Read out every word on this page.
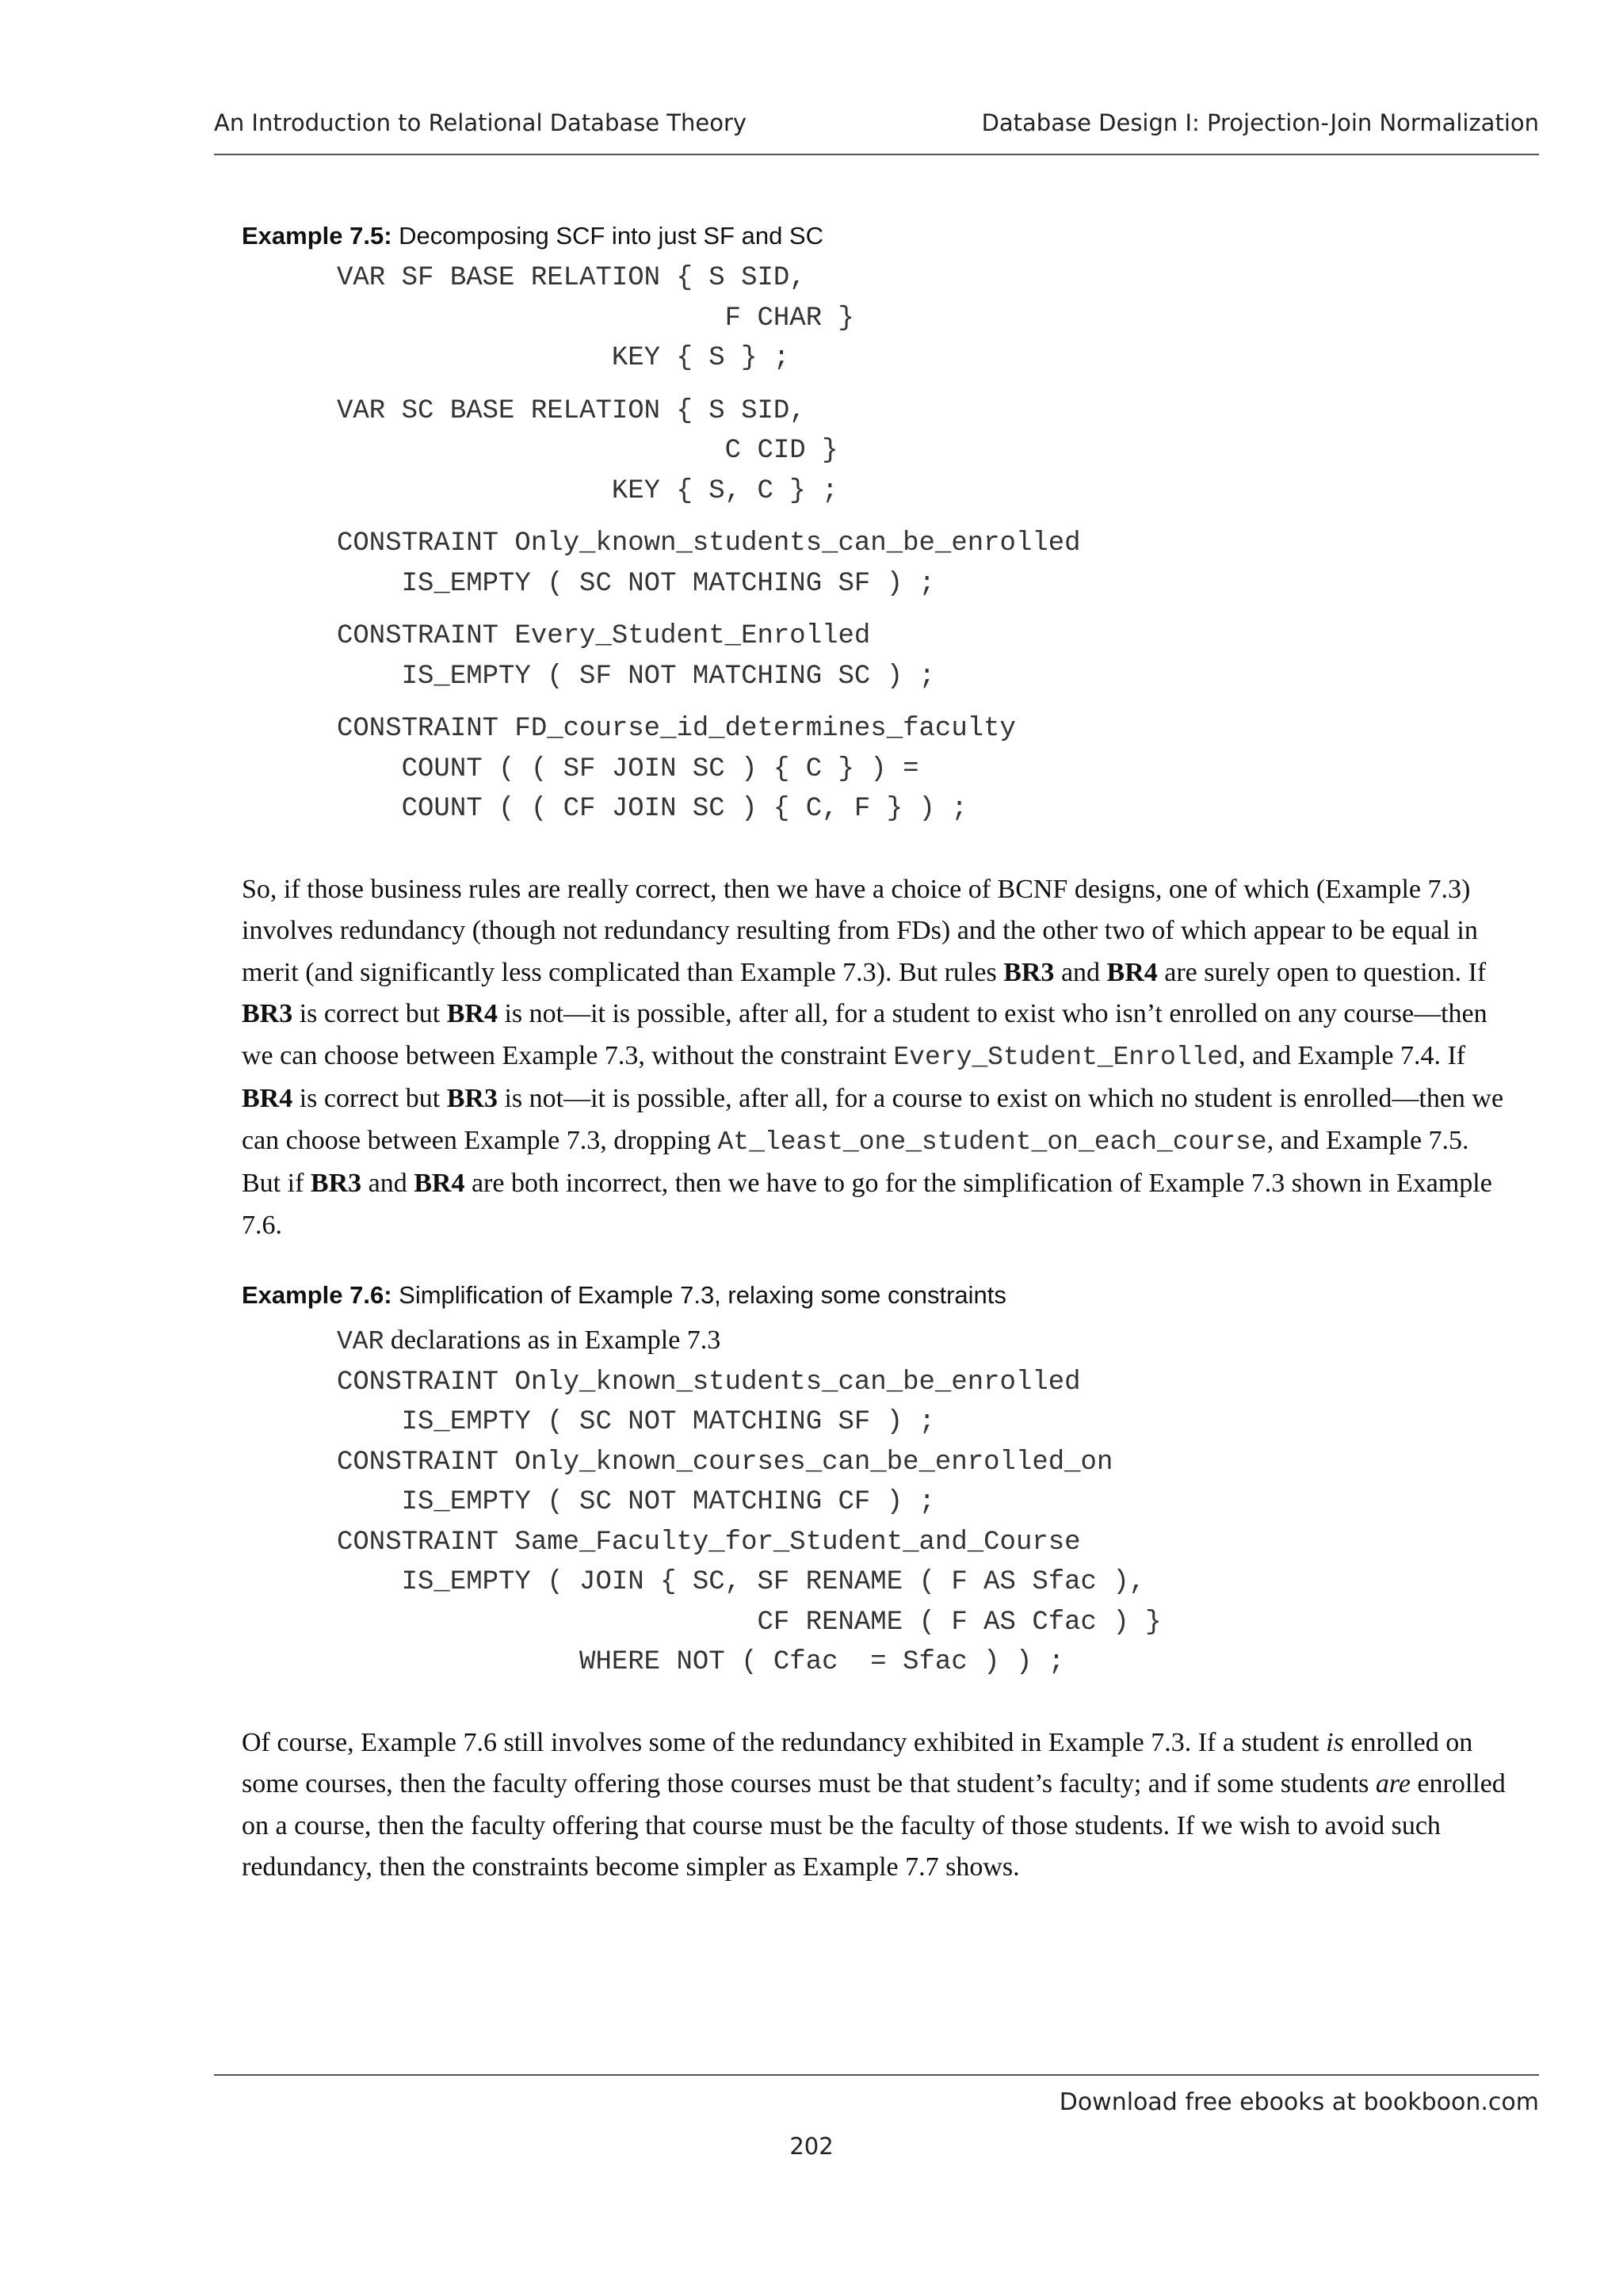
An Introduction to Relational Database Theory	Database Design I: Projection-Join Normalization
Example 7.5: Decomposing SCF into just SF and SC
VAR SF BASE RELATION { S SID,
F CHAR }
KEY { S } ;
VAR SC BASE RELATION { S SID,
C CID }
KEY { S, C } ;
CONSTRAINT Only_known_students_can_be_enrolled
IS_EMPTY ( SC NOT MATCHING SF ) ;
CONSTRAINT Every_Student_Enrolled
IS_EMPTY ( SF NOT MATCHING SC ) ;
CONSTRAINT FD_course_id_determines_faculty
COUNT ( ( SF JOIN SC ) { C } ) =
COUNT ( ( CF JOIN SC ) { C, F } ) ;

So, if those business rules are really correct, then we have a choice of BCNF designs, one of which (Example 7.3) involves redundancy (though not redundancy resulting from FDs) and the other two of which appear to be equal in merit (and significantly less complicated than Example 7.3). But rules BR3 and BR4 are surely open to question. If BR3 is correct but BR4 is not—it is possible, after all, for a student to exist who isn’t enrolled on any course—then we can choose between Example 7.3, without the constraint Every_Student_Enrolled, and Example 7.4. If BR4 is correct but BR3 is not—it is possible, after all, for a course to exist on which no student is enrolled—then we can choose between Example 7.3, dropping At_least_one_student_on_each_course, and Example 7.5. But if BR3 and BR4 are both incorrect, then we have to go for the simplification of Example 7.3 shown in Example 7.6.

Example 7.6: Simplification of Example 7.3, relaxing some constraints
VAR declarations as in Example 7.3
CONSTRAINT Only_known_students_can_be_enrolled
IS_EMPTY ( SC NOT MATCHING SF ) ;
CONSTRAINT Only_known_courses_can_be_enrolled_on
IS_EMPTY ( SC NOT MATCHING CF ) ;
CONSTRAINT Same_Faculty_for_Student_and_Course
IS_EMPTY ( JOIN { SC, SF RENAME ( F AS Sfac ),
CF RENAME ( F AS Cfac ) }
WHERE NOT ( Cfac  = Sfac ) ) ;

Of course, Example 7.6 still involves some of the redundancy exhibited in Example 7.3. If a student is enrolled on some courses, then the faculty offering those courses must be that student’s faculty; and if some students are enrolled on a course, then the faculty offering that course must be the faculty of those students. If we wish to avoid such redundancy, then the constraints become simpler as Example 7.7 shows.

Download free ebooks at bookboon.com
202
